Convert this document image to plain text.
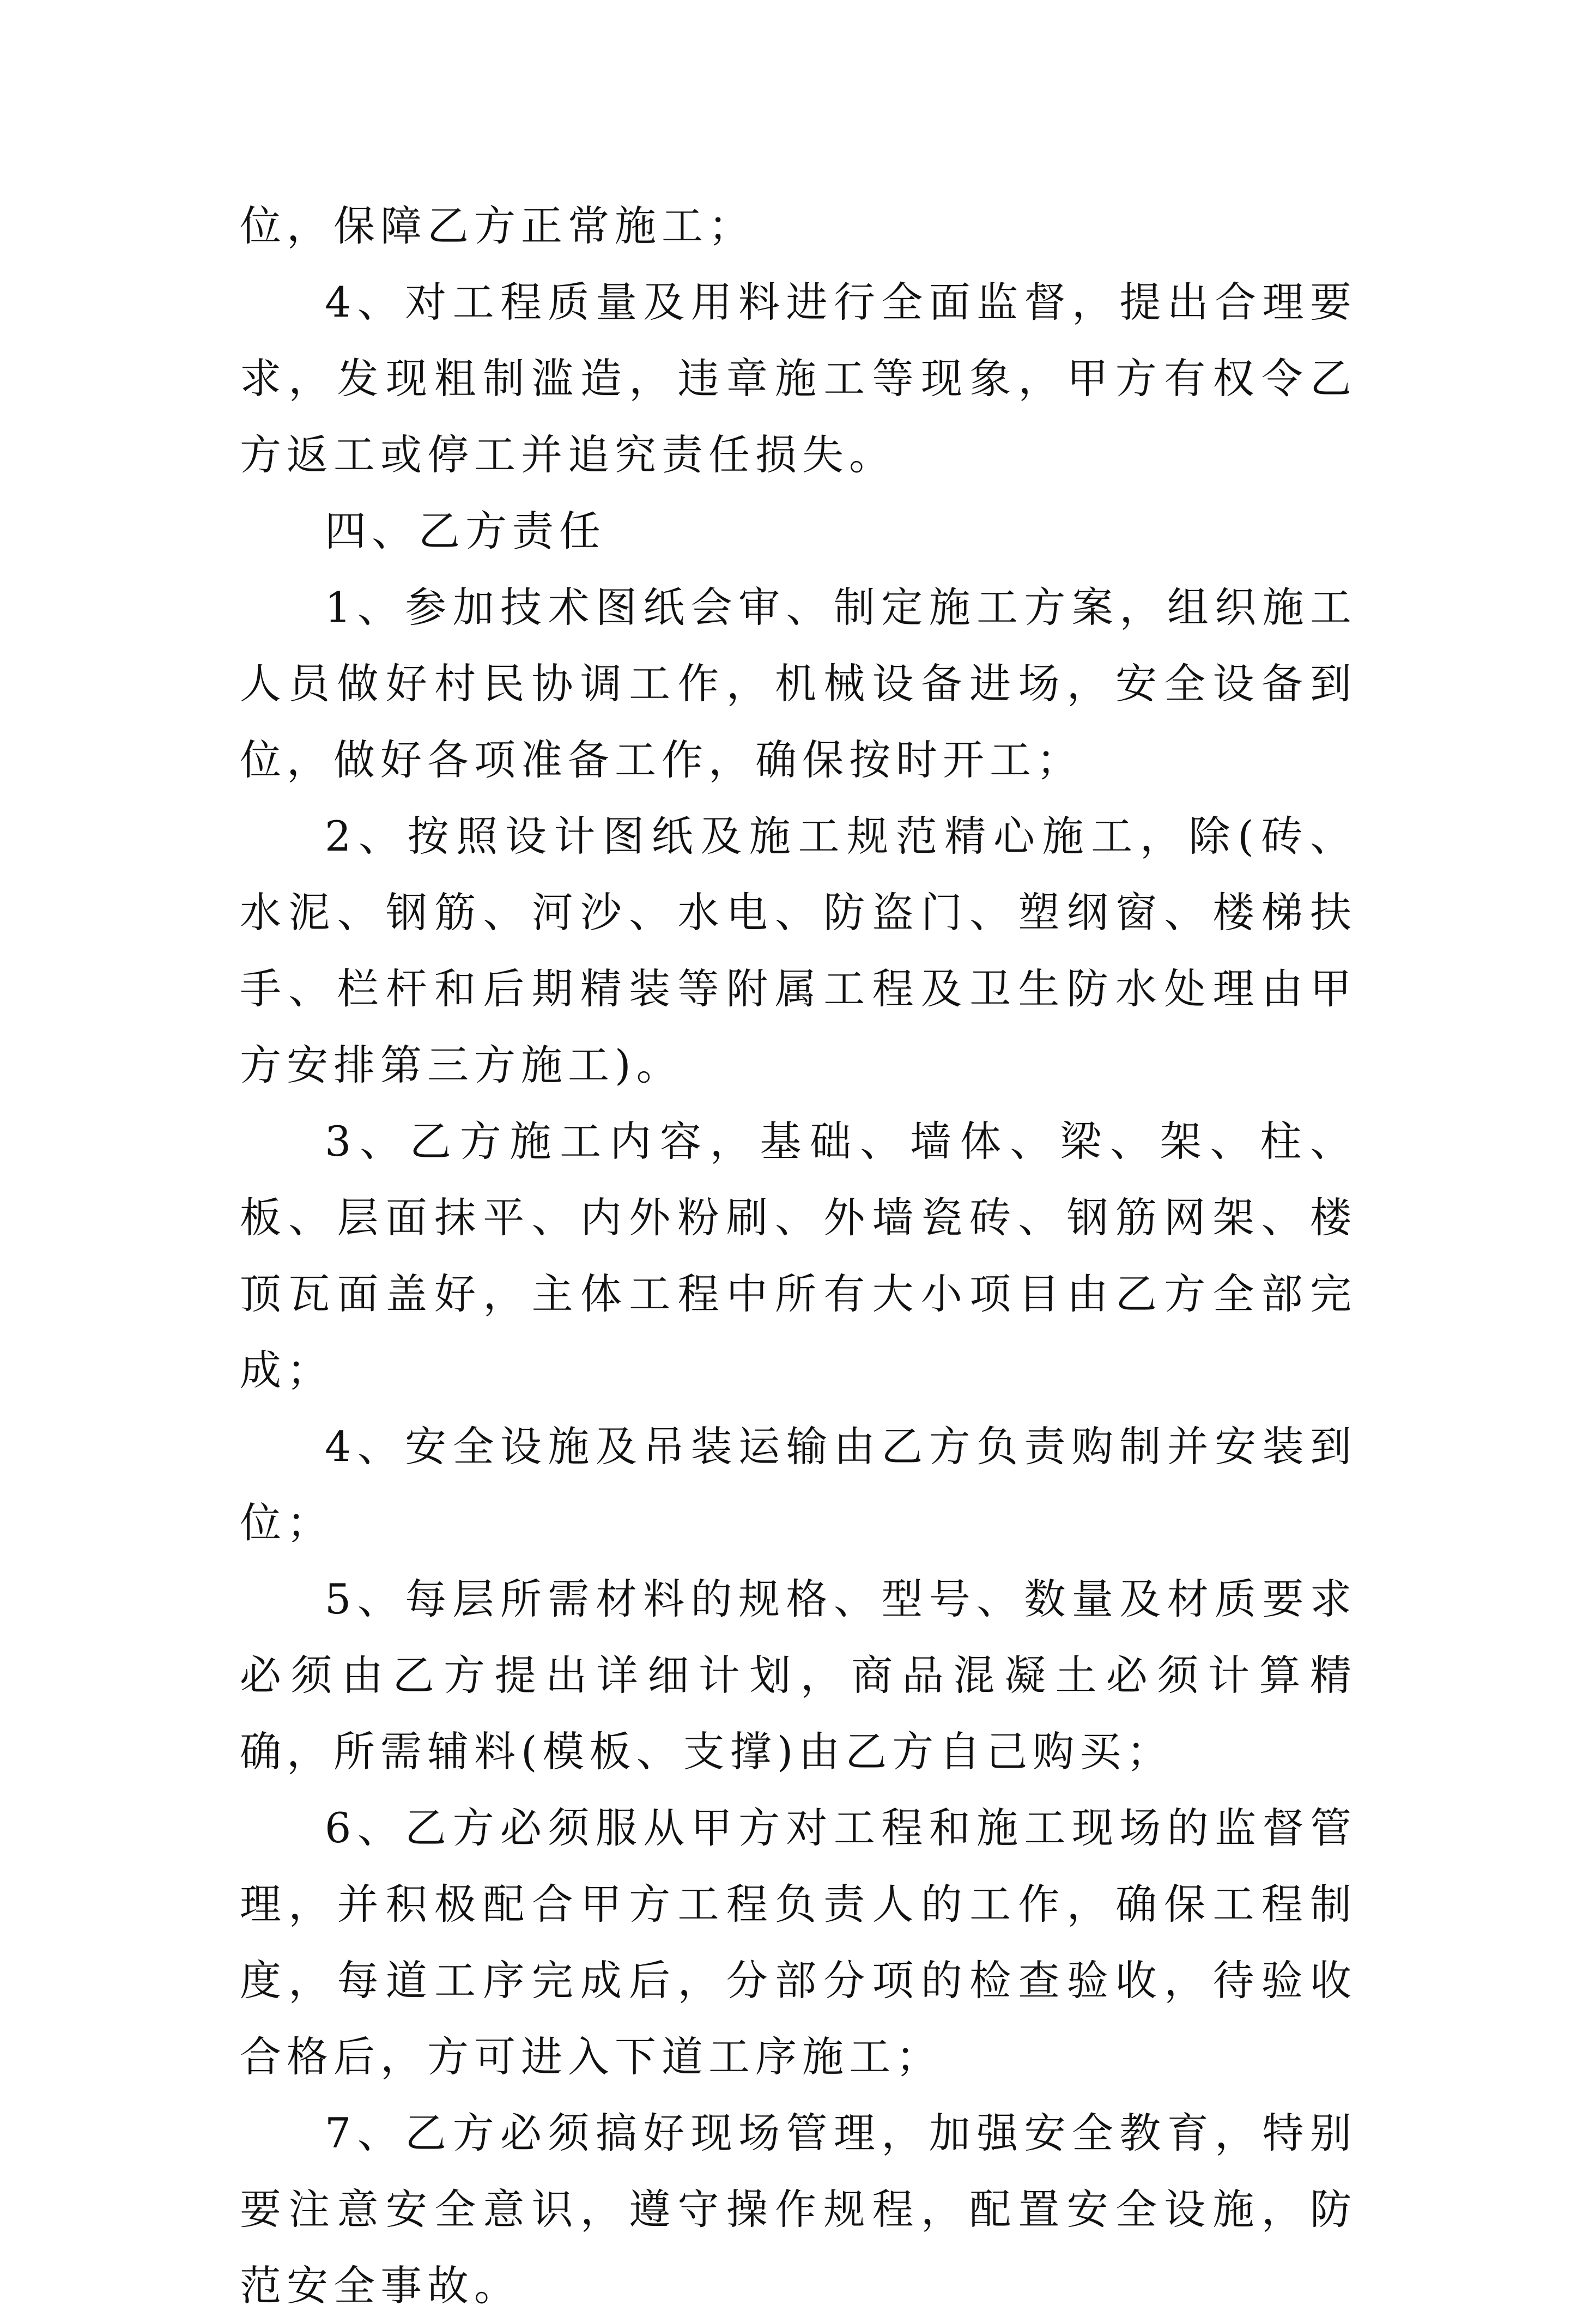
位，保障乙方正常施工；

4、对工程质量及用料进行全面监督，提出合理要求，发现粗制滥造，违章施工等现象，甲方有权令乙方返工或停工并追究责任损失。

四、乙方责任

1、参加技术图纸会审、制定施工方案，组织施工人员做好村民协调工作，机械设备进场，安全设备到位，做好各项准备工作，确保按时开工；

2、按照设计图纸及施工规范精心施工，除(砖、水泥、钢筋、河沙、水电、防盗门、塑纲窗、楼梯扶手、栏杆和后期精装等附属工程及卫生防水处理由甲方安排第三方施工)。

3、乙方施工内容，基础、墙体、梁、架、柱、板、层面抹平、内外粉刷、外墙瓷砖、钢筋网架、楼顶瓦面盖好，主体工程中所有大小项目由乙方全部完成；

4、安全设施及吊装运输由乙方负责购制并安装到位；

5、每层所需材料的规格、型号、数量及材质要求必须由乙方提出详细计划，商品混凝土必须计算精确，所需辅料(模板、支撑)由乙方自己购买；

6、乙方必须服从甲方对工程和施工现场的监督管理，并积极配合甲方工程负责人的工作，确保工程制度，每道工序完成后，分部分项的检查验收，待验收合格后，方可进入下道工序施工；

7、乙方必须搞好现场管理，加强安全教育，特别要注意安全意识，遵守操作规程，配置安全设施，防范安全事故。
